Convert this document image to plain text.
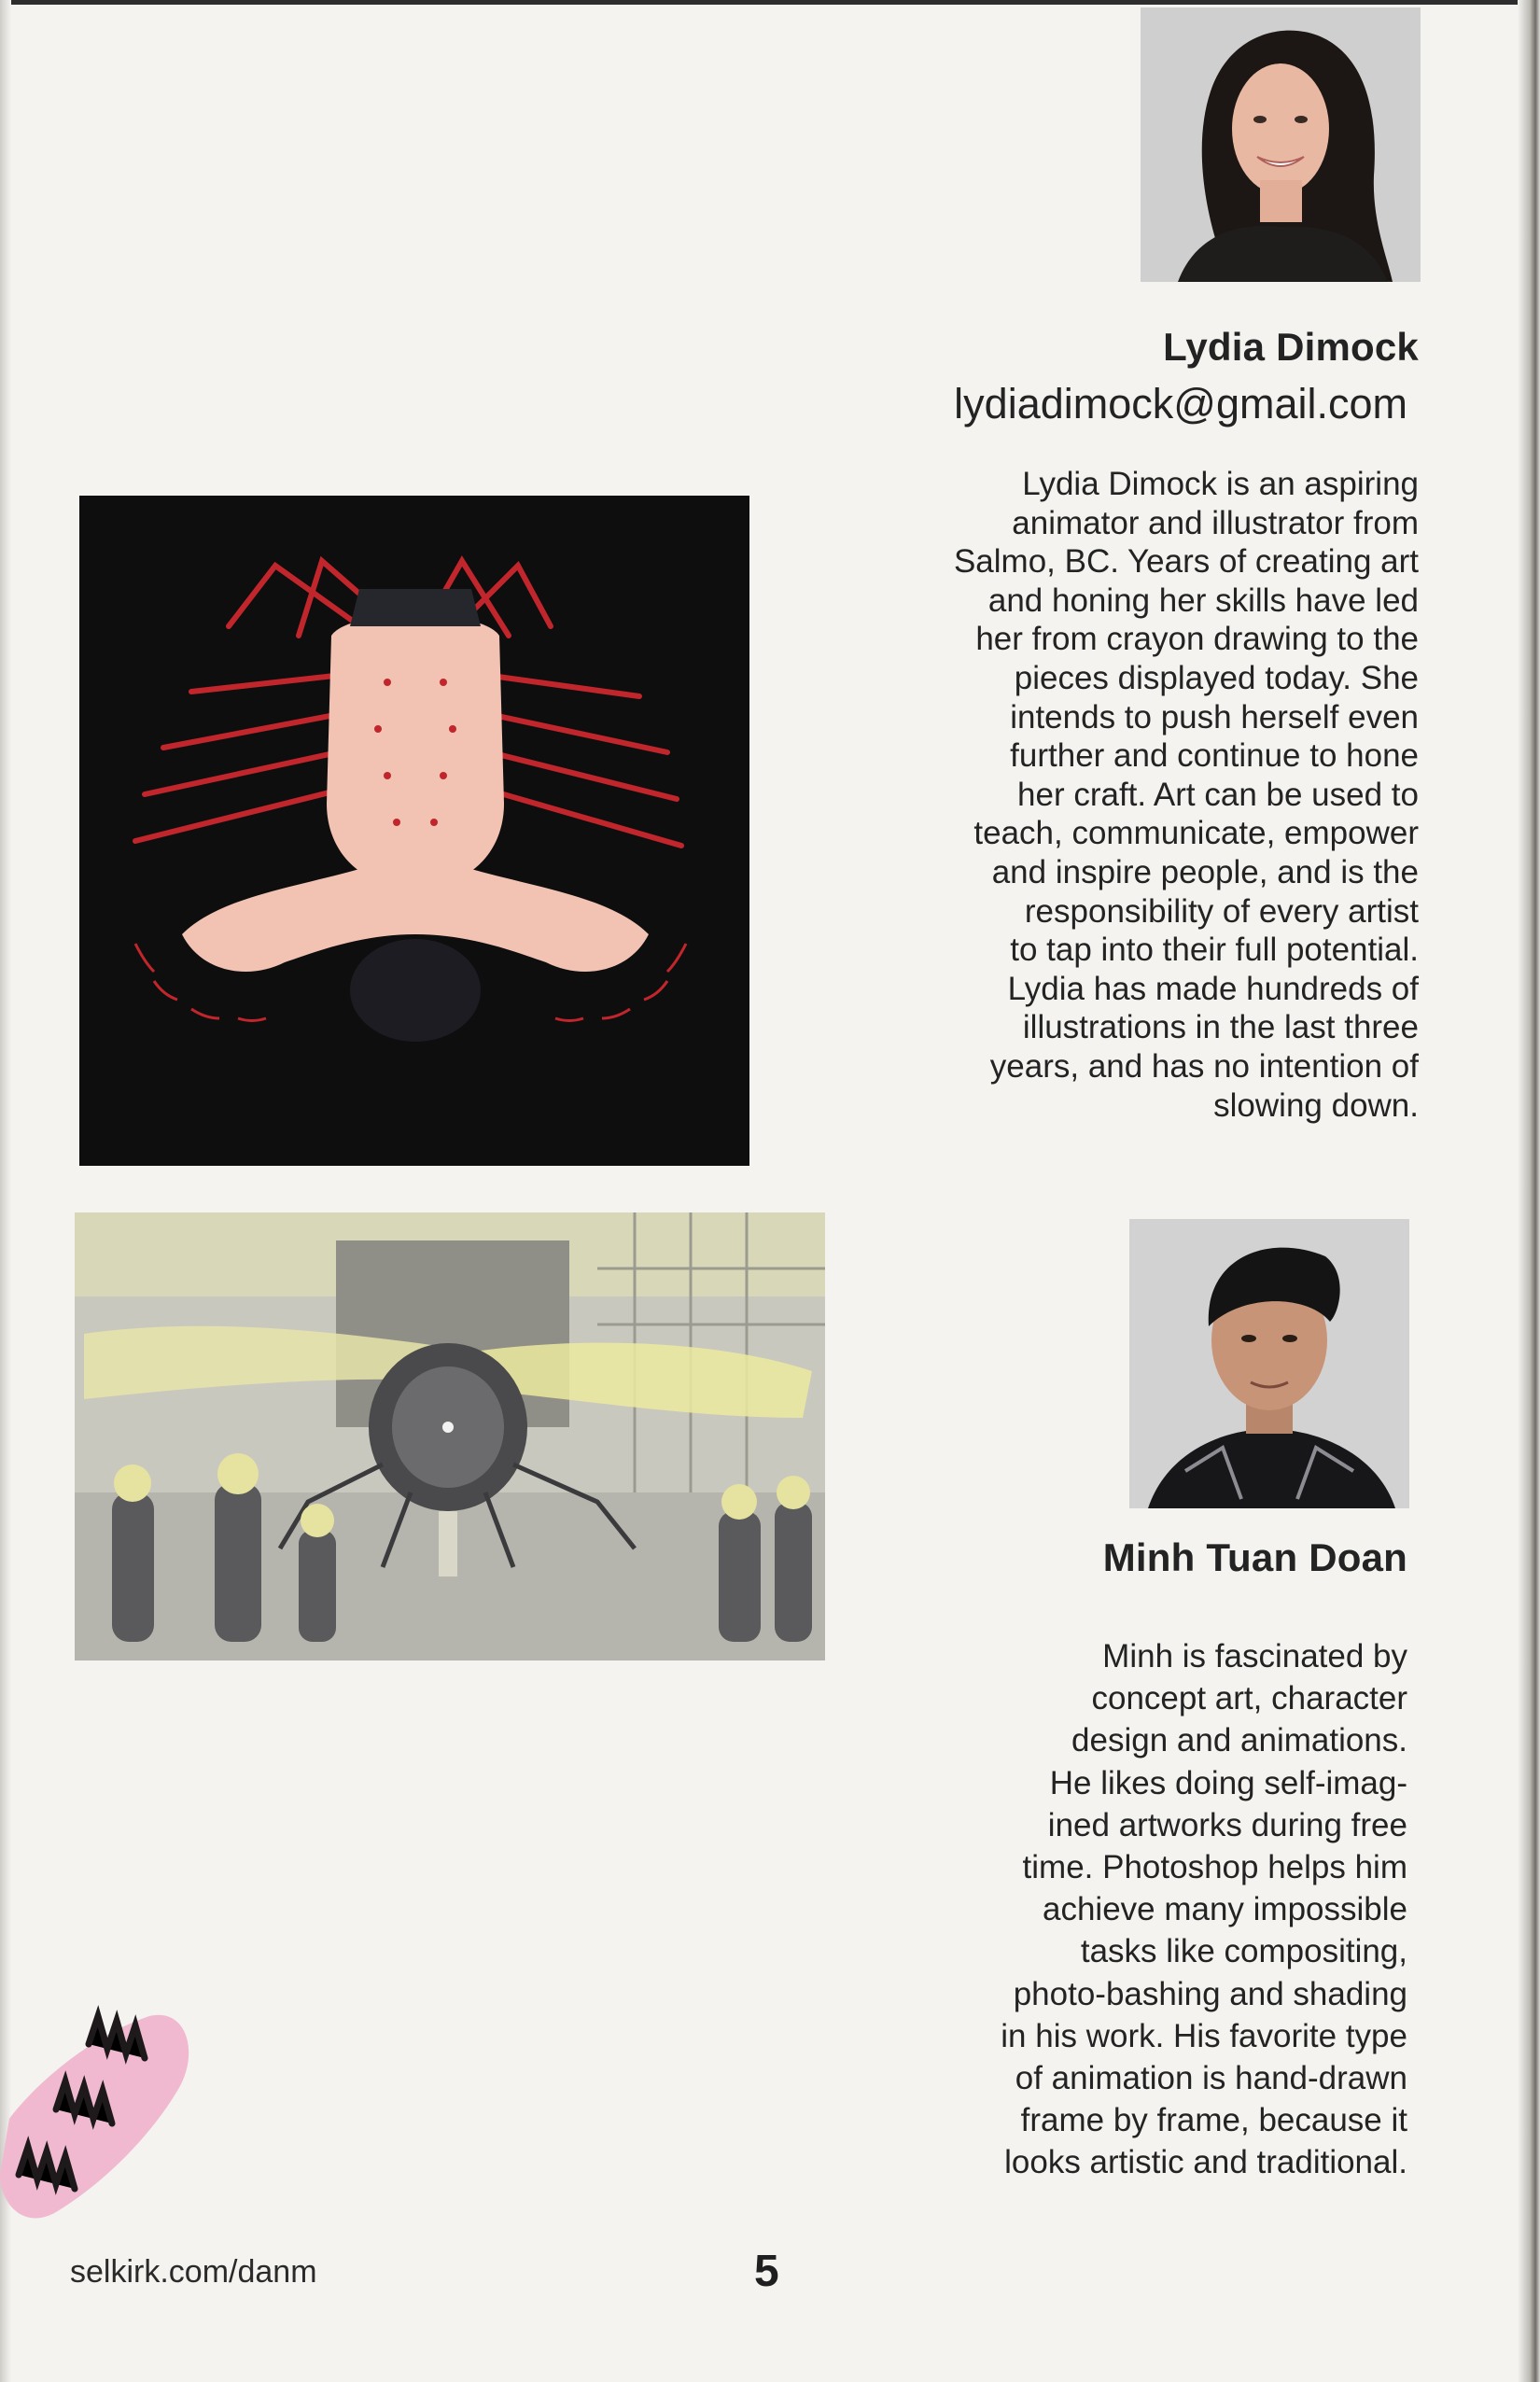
Lydia Dimock
lydiadimock@gmail.com
Lydia Dimock is an aspiring
animator and illustrator from
Salmo, BC. Years of creating art
and honing her skills have led
her from crayon drawing to the
pieces displayed today. She
intends to push herself even
further and continue to hone
her craft. Art can be used to
teach, communicate, empower
and inspire people, and is the
responsibility of every artist
to tap into their full potential.
Lydia has made hundreds of
illustrations in the last three
years, and has no intention of
slowing down.
Minh Tuan Doan
Minh is fascinated by
concept art, character
design and animations.
He likes doing self-imag-
ined artworks during free
time. Photoshop helps him
achieve many impossible
tasks like compositing,
photo-bashing and shading
in his work. His favorite type
of animation is hand-drawn
frame by frame, because it
looks artistic and traditional.
selkirk.com/danm	5
